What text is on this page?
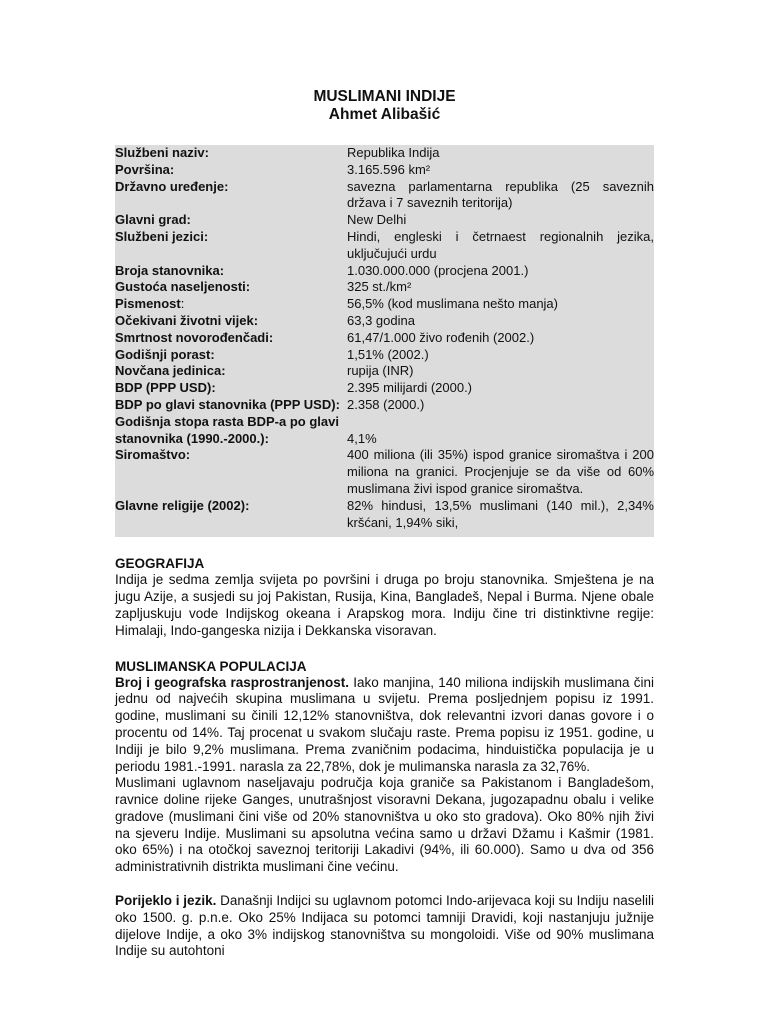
MUSLIMANI INDIJE
Ahmet Alibašić
Službeni naziv:	Republika Indija
Površina:	3.165.596 km²
Državno uređenje:	savezna parlamentarna republika (25 saveznih država i 7 saveznih teritorija)
Glavni grad:	New Delhi
Službeni jezici:	Hindi, engleski i četrnaest regionalnih jezika, uključujući urdu
Broja stanovnika:	1.030.000.000 (procjena 2001.)
Gustoća naseljenosti:	325 st./km²
Pismenost:	56,5% (kod muslimana nešto manja)
Očekivani životni vijek:	63,3 godina
Smrtnost novorođenčadi:	61,47/1.000 živo rođenih (2002.)
Godišnji porast:	1,51% (2002.)
Novčana jedinica:	rupija (INR)
BDP (PPP USD):	2.395 milijardi (2000.)
BDP po glavi stanovnika (PPP USD): 2.358 (2000.)
Godišnja stopa rasta BDP-a po glavi stanovnika (1990.-2000.):	4,1%
Siromaštvo:	400 miliona (ili 35%) ispod granice siromaštva i 200 miliona na granici. Procjenjuje se da više od 60% muslimana živi ispod granice siromaštva.
Glavne religije (2002):	82% hindusi, 13,5% muslimani (140 mil.), 2,34% kršćani, 1,94% siki,
GEOGRAFIJA

Indija je sedma zemlja svijeta po površini i druga po broju stanovnika. Smještena je na jugu Azije, a susjedi su joj Pakistan, Rusija, Kina, Bangladeš, Nepal i Burma. Njene obale zapljuskuju vode Indijskog okeana i Arapskog mora. Indiju čine tri distinktivne regije: Himalaji, Indo-gangeska nizija i Dekkanska visoravan.

MUSLIMANSKA POPULACIJA

Broj i geografska rasprostranjenost. Iako manjina, 140 miliona indijskih muslimana čini jednu od najvećih skupina muslimana u svijetu. Prema posljednjem popisu iz 1991. godine, muslimani su činili 12,12% stanovništva, dok relevantni izvori danas govore i o procentu od 14%. Taj procenat u svakom slučaju raste. Prema popisu iz 1951. godine, u Indiji je bilo 9,2% muslimana. Prema zvaničnim podacima, hinduistička populacija je u periodu 1981.-1991. narasla za 22,78%, dok je mulimanska narasla za 32,76%.

Muslimani uglavnom naseljavaju područja koja graniče sa Pakistanom i Bangladešom, ravnice doline rijeke Ganges, unutrašnjost visoravni Dekana, jugozapadnu obalu i velike gradove (muslimani čini više od 20% stanovništva u oko sto gradova). Oko 80% njih živi na sjeveru Indije. Muslimani su apsolutna većina samo u državi Džamu i Kašmir (1981. oko 65%) i na otočkoj saveznoj teritoriji Lakadivi (94%, ili 60.000). Samo u dva od 356 administrativnih distrikta muslimani čine većinu.

Porijeklo i jezik. Današnji Indijci su uglavnom potomci Indo-arijevaca koji su Indiju naselili oko 1500. g. p.n.e. Oko 25% Indijaca su potomci tamniji Dravidi, koji nastanjuju južnije dijelove Indije, a oko 3% indijskog stanovništva su mongoloidi. Više od 90% muslimana Indije su autohtoni
